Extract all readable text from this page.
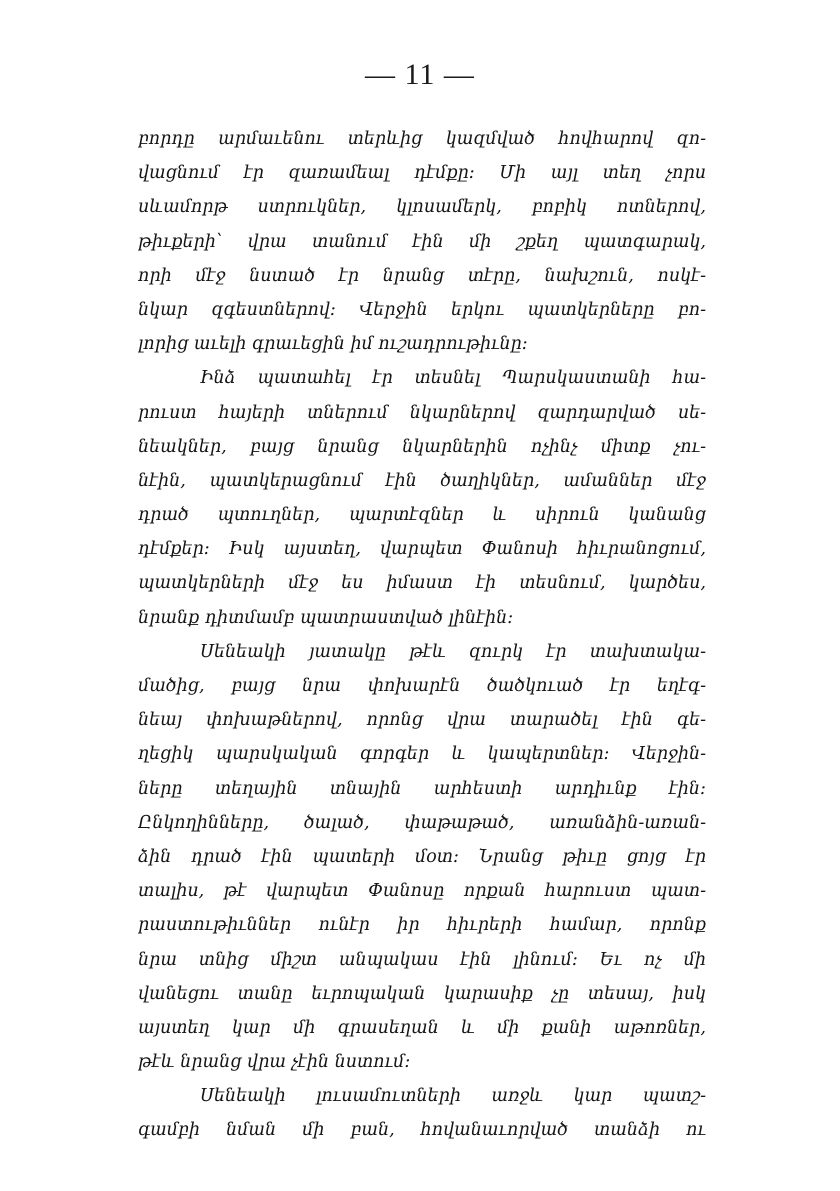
— 11 —
բորդը արմաւենու տերևից կազմված հովհարով զո-
վացնում էր զառամեալ դէմքը։ Մի այլ տեղ չորս
սևամորթ ստրուկներ, կլոսամերկ, բոբիկ ոտներով,
թիւքերի՝ վրա տանում էին մի շքեղ պատգարակ,
որի մէջ նստած էր նրանց տէրը, նախշուն, ոսկէ-
նկար զգեստներով։ Վերջին երկու պատկերները բո-
լորից աւելի գրաւեցին իմ ուշադրութիւնը։
Ինձ պատահել էր տեսնել Պարսկաստանի հա-
րուստ հայերի տներում նկարներով զարդարված սե-
նեակներ, բայց նրանց նկարներին ոչինչ միտք չու-
նէին, պատկերացնում էին ծաղիկներ, ամաններ մէջ
դրած պտուղներ, պարտէզներ և սիրուն կանանց
դէմքեր։ Իսկ այստեղ, վարպետ Փանոսի հիւրանոցում,
պատկերների մէջ ես իմաստ էի տեսնում, կարծես,
նրանք դիտմամբ պատրաստված լինէին։
Սենեակի յատակը թէև զուրկ էր տախտակա-
մածից, բայց նրա փոխարէն ծածկուած էր եղէգ-
նեայ փոխաթներով, որոնց վրա տարածել էին գե-
ղեցիկ պարսկական գորգեր և կապերտներ։ Վերջին-
ները տեղային տնային արհեստի արդիւնք էին։
Ընկողինները, ծալած, փաթաթած, առանձին-առան-
ձին դրած էին պատերի մօտ։ Նրանց թիւը ցոյց էր
տալիս, թէ վարպետ Փանոսը որքան հարուստ պատ-
րաստութիւններ ունէր իր հիւրերի համար, որոնք
նրա տնից միշտ անպակաս էին լինում։ Եւ ոչ մի
վանեցու տանը եւրոպական կարասիք չը տեսայ, իսկ
այստեղ կար մի գրասեղան և մի քանի աթոռներ,
թէև նրանց վրա չէին նստում։
Սենեակի լուսամուտների առջև կար պատշ-
գամբի նման մի բան, հովանաւորված տանձի ու
